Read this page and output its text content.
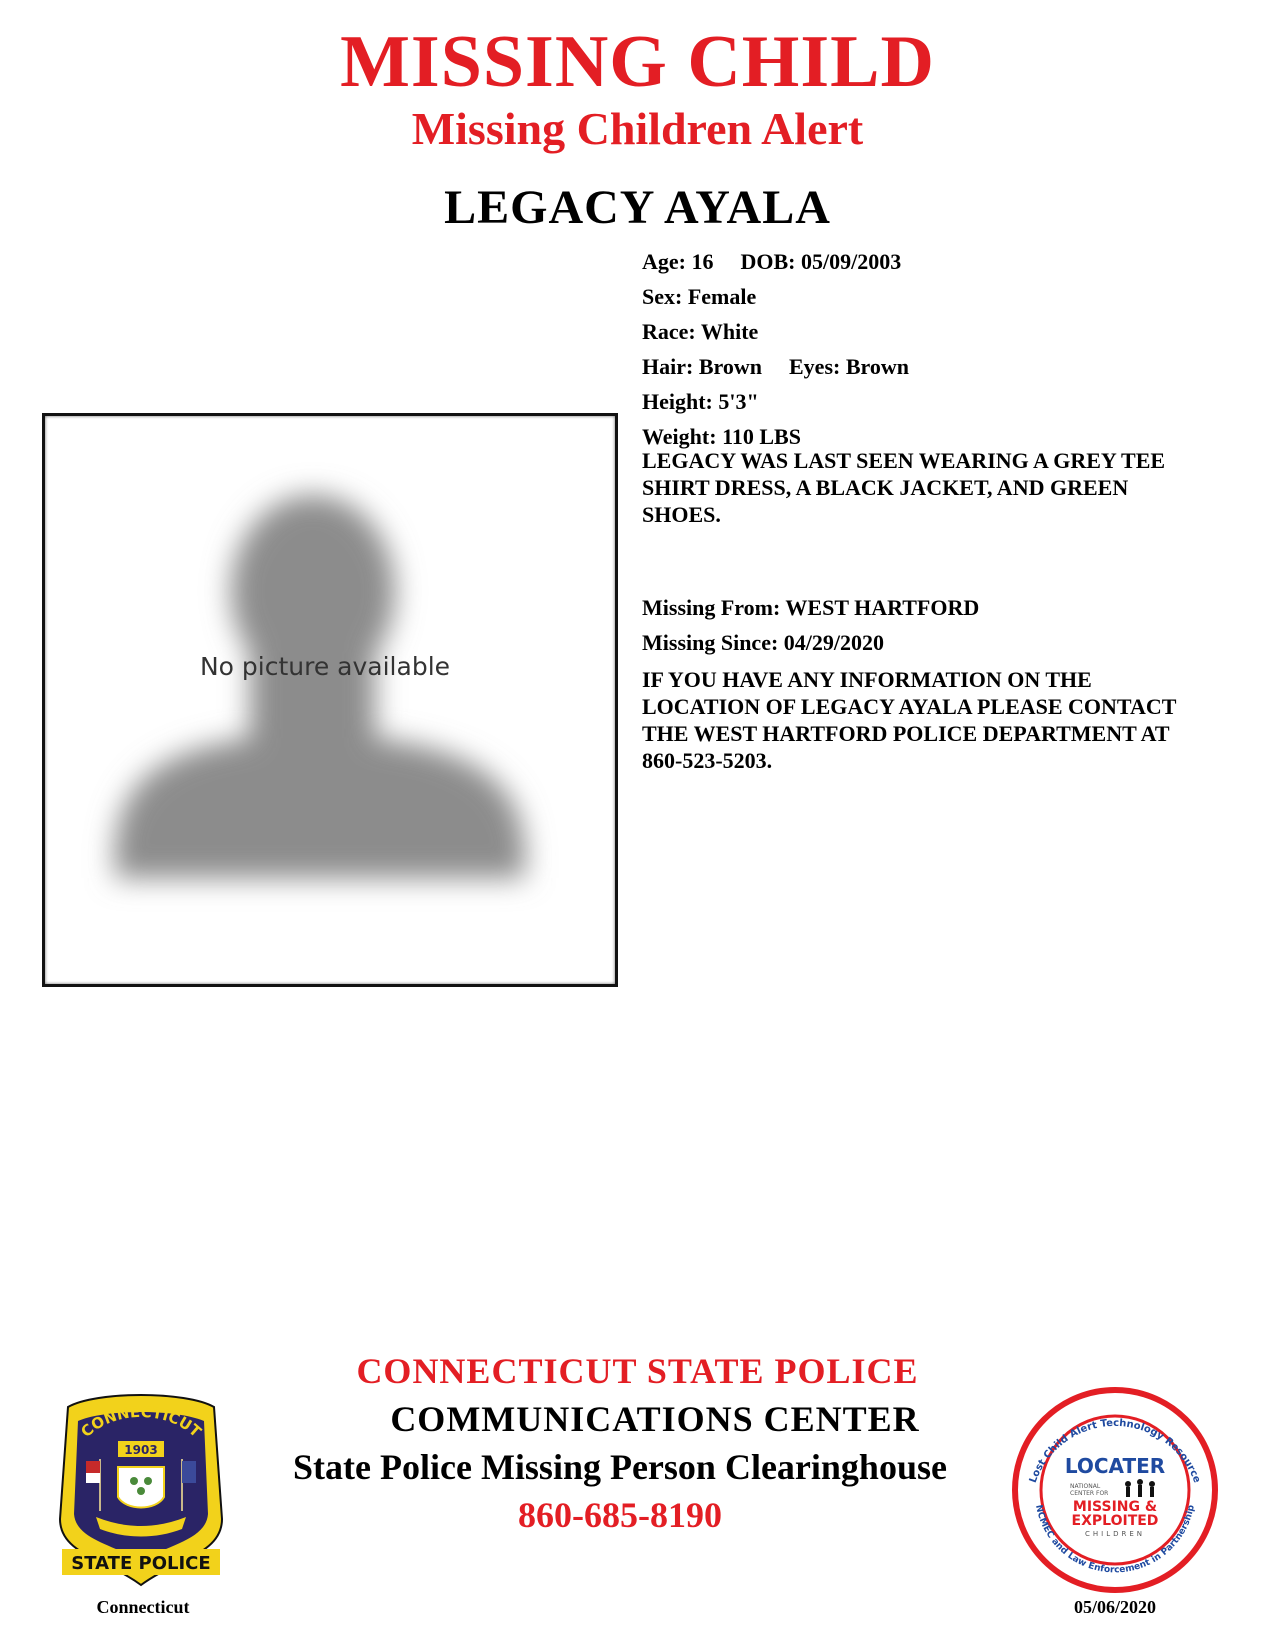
MISSING CHILD
Missing Children Alert
LEGACY AYALA
No picture available
Age: 16 DOB: 05/09/2003
Sex: Female
Race: White
Hair: Brown Eyes: Brown
Height: 5'3"
Weight: 110 LBS
LEGACY WAS LAST SEEN WEARING A GREY TEE SHIRT DRESS, A BLACK JACKET, AND GREEN SHOES.
Missing From: WEST HARTFORD
Missing Since: 04/29/2020
IF YOU HAVE ANY INFORMATION ON THE LOCATION OF LEGACY AYALA PLEASE CONTACT THE WEST HARTFORD POLICE DEPARTMENT AT 860-523-5203.
CONNECTICUT STATE POLICE
COMMUNICATIONS CENTER
State Police Missing Person Clearinghouse
860-685-8190
CONNECTICUT
1903
STATE POLICE
Connecticut
Lost Child Alert Technology Resource
NCMEC and Law Enforcement in Partnership
LOCATER
NATIONAL
CENTER FOR
MISSING &
EXPLOITED
CHILDREN
05/06/2020
